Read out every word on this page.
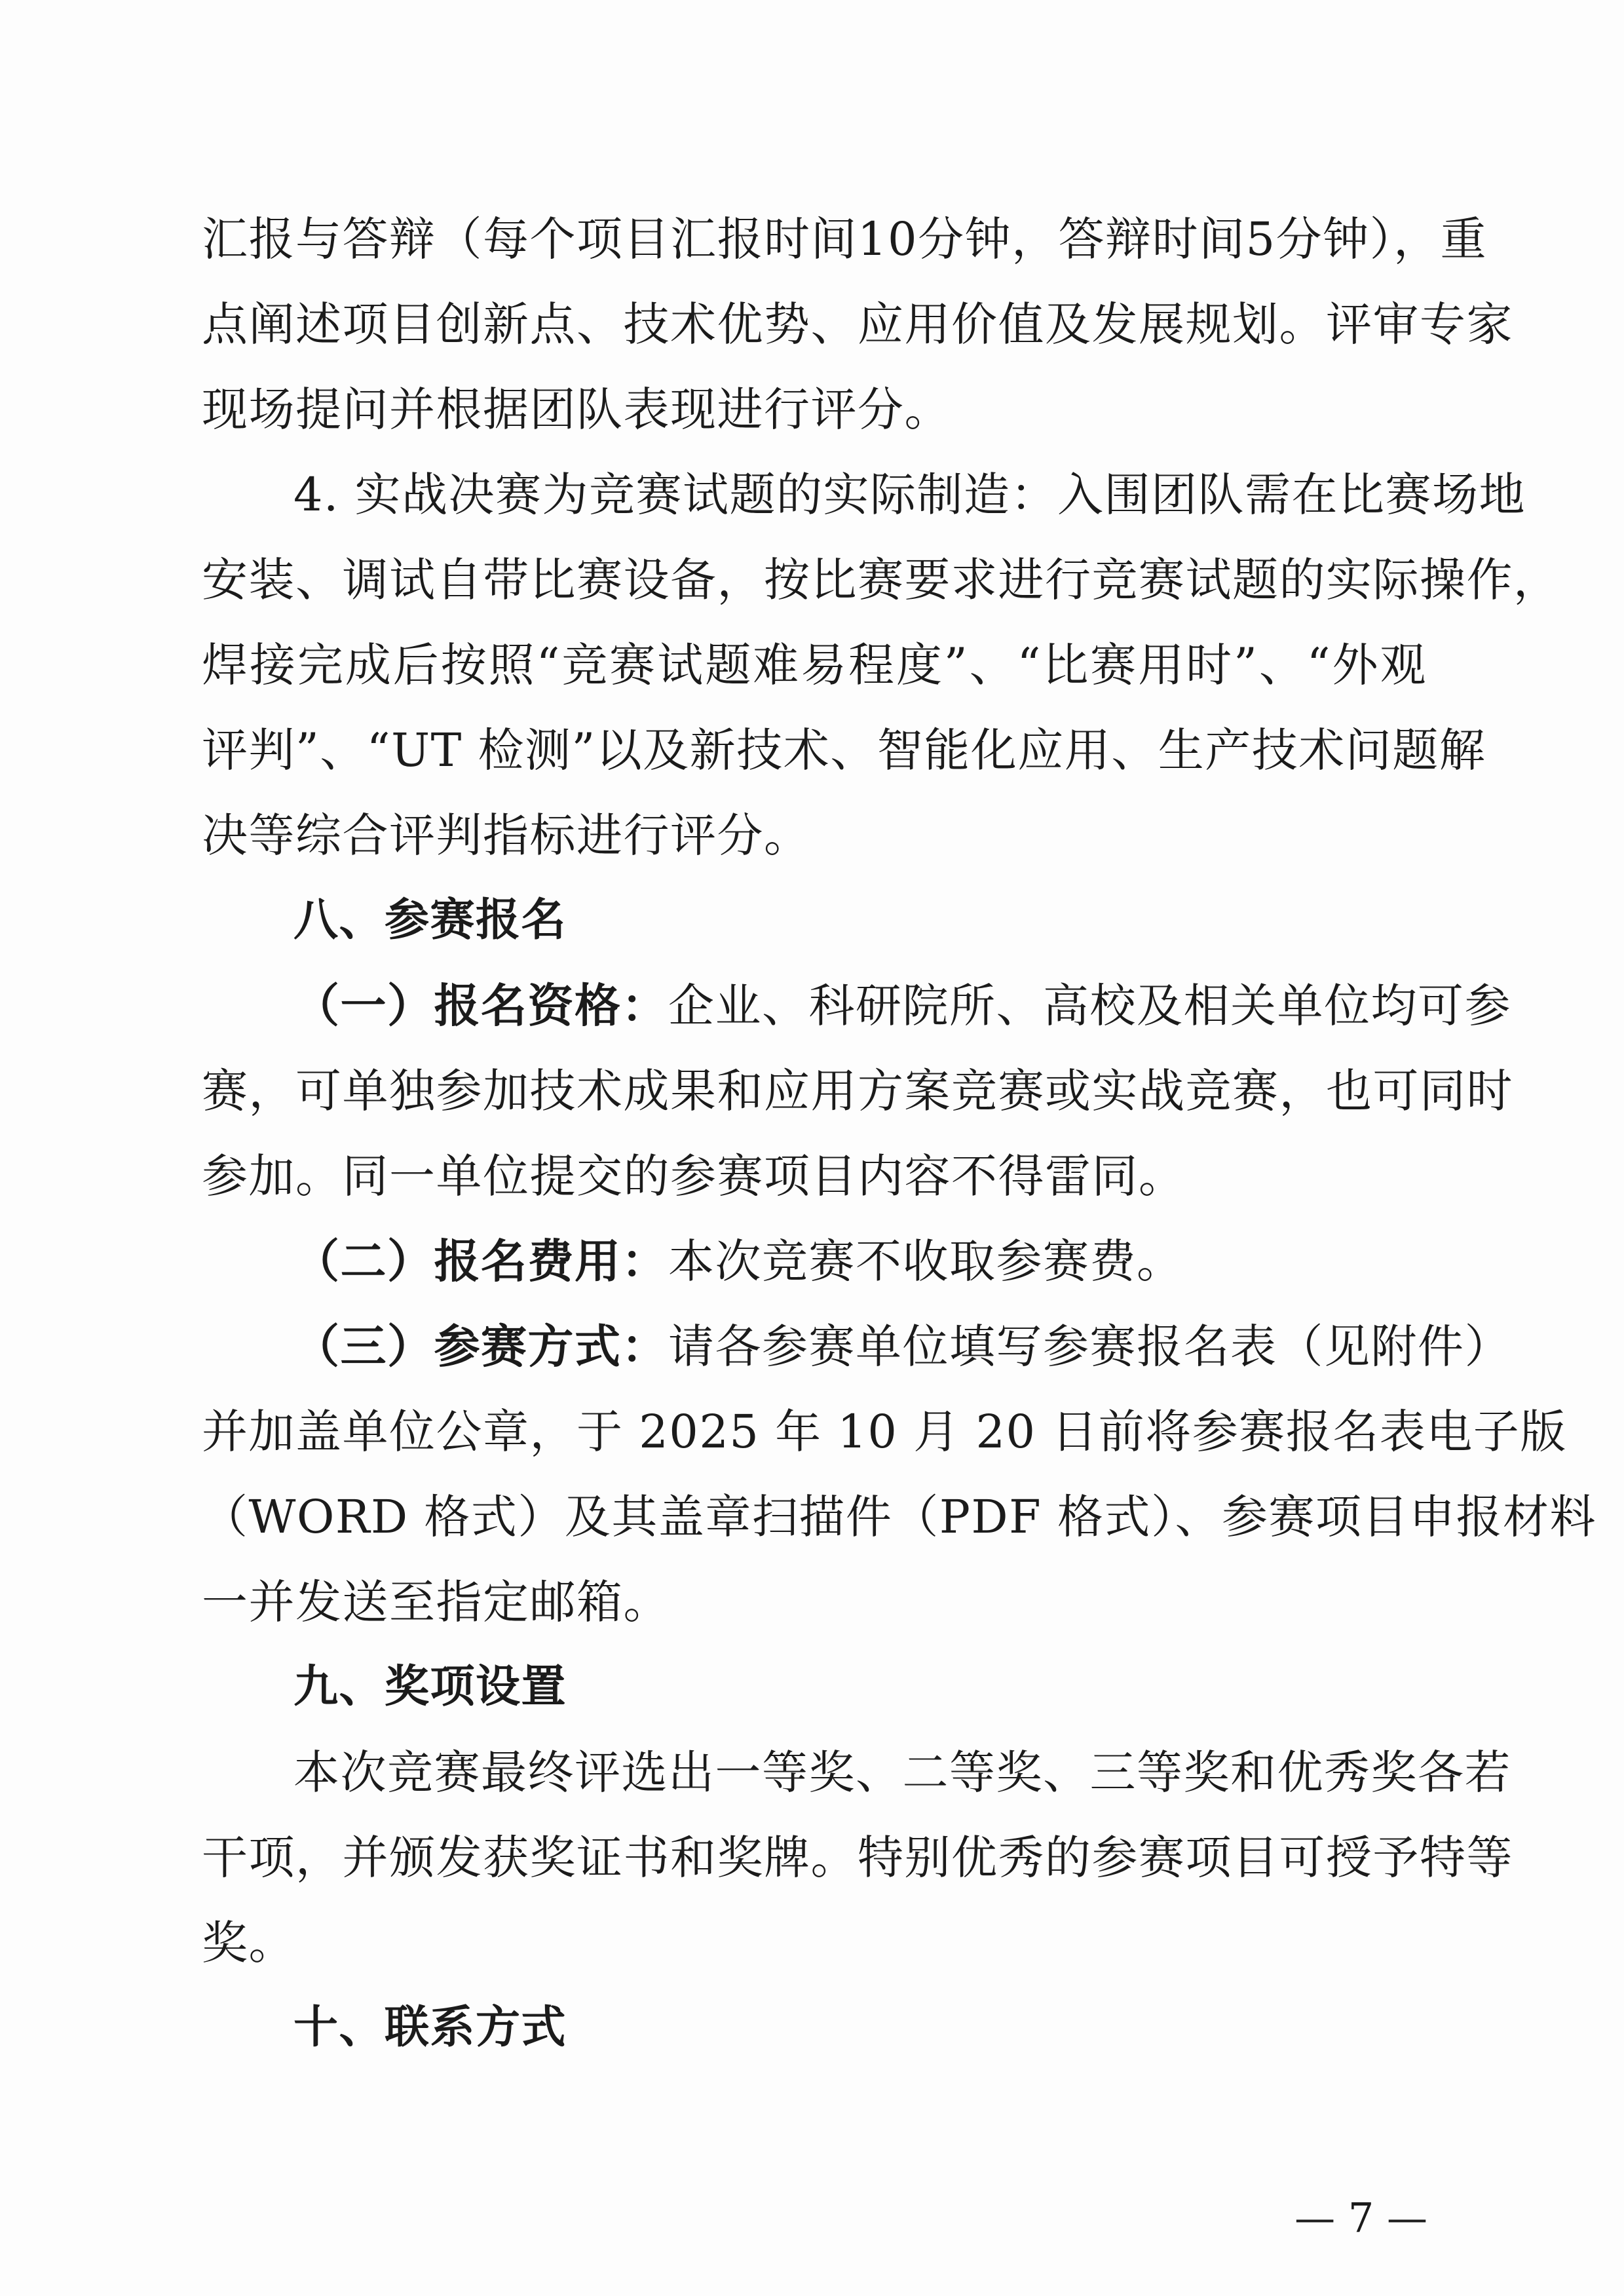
汇报与答辩（每个项目汇报时间10分钟，答辩时间5分钟），重
点阐述项目创新点、技术优势、应用价值及发展规划。评审专家
现场提问并根据团队表现进行评分。
4. 实战决赛为竞赛试题的实际制造：入围团队需在比赛场地
安装、调试自带比赛设备，按比赛要求进行竞赛试题的实际操作，
焊接完成后按照“竞赛试题难易程度”、“比赛用时”、“外观
评判”、“UT 检测”以及新技术、智能化应用、生产技术问题解
决等综合评判指标进行评分。
八、参赛报名
（一）报名资格：企业、科研院所、高校及相关单位均可参
赛，可单独参加技术成果和应用方案竞赛或实战竞赛，也可同时
参加。同一单位提交的参赛项目内容不得雷同。
（二）报名费用：本次竞赛不收取参赛费。
（三）参赛方式：请各参赛单位填写参赛报名表（见附件）
并加盖单位公章，于 2025 年 10 月 20 日前将参赛报名表电子版
（WORD 格式）及其盖章扫描件（PDF 格式）、参赛项目申报材料
一并发送至指定邮箱。
九、奖项设置
本次竞赛最终评选出一等奖、二等奖、三等奖和优秀奖各若
干项，并颁发获奖证书和奖牌。特别优秀的参赛项目可授予特等
奖。
十、联系方式
— 7 —
